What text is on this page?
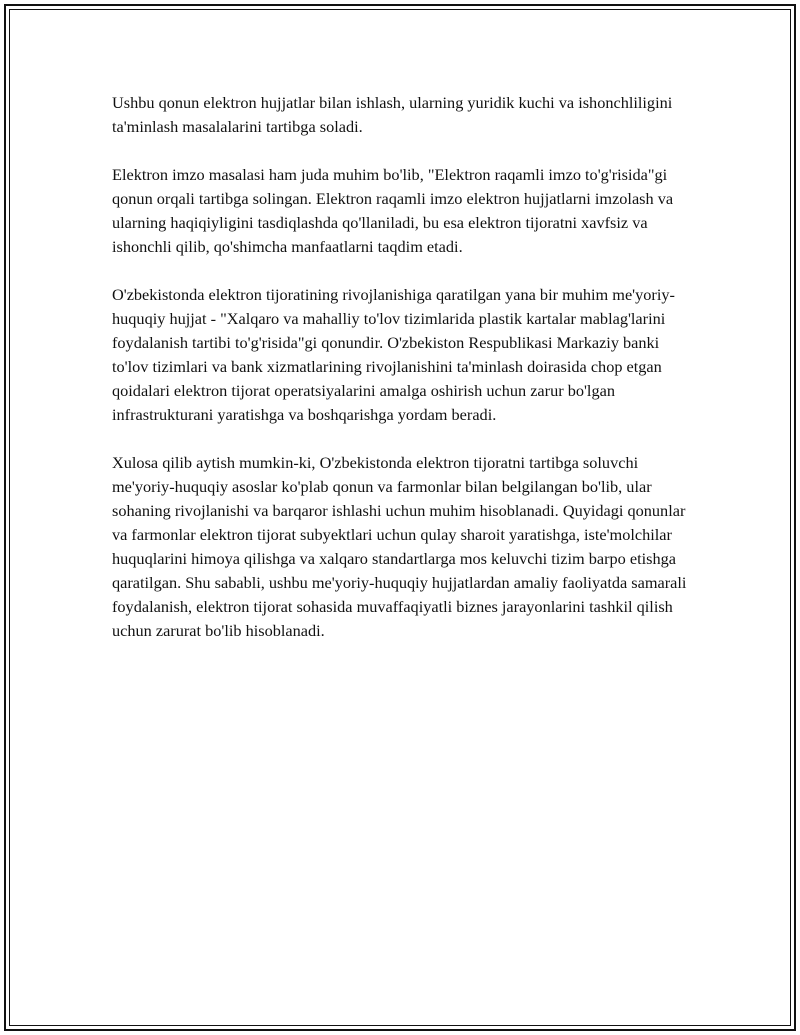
Ushbu qonun elektron hujjatlar bilan ishlash, ularning yuridik kuchi va ishonchliligini ta'minlash masalalarini tartibga soladi.

Elektron imzo masalasi ham juda muhim bo'lib, "Elektron raqamli imzo to'g'risida"gi qonun orqali tartibga solingan. Elektron raqamli imzo elektron hujjatlarni imzolash va ularning haqiqiyligini tasdiqlashda qo'llaniladi, bu esa elektron tijoratni xavfsiz va ishonchli qilib, qo'shimcha manfaatlarni taqdim etadi.

O'zbekistonda elektron tijoratining rivojlanishiga qaratilgan yana bir muhim me'yoriy-huquqiy hujjat - "Xalqaro va mahalliy to'lov tizimlarida plastik kartalar mablag'larini foydalanish tartibi to'g'risida"gi qonundir. O'zbekiston Respublikasi Markaziy banki to'lov tizimlari va bank xizmatlarining rivojlanishini ta'minlash doirasida chop etgan qoidalari elektron tijorat operatsiyalarini amalga oshirish uchun zarur bo'lgan infrastrukturani yaratishga va boshqarishga yordam beradi.

Xulosa qilib aytish mumkin-ki, O'zbekistonda elektron tijoratni tartibga soluvchi me'yoriy-huquqiy asoslar ko'plab qonun va farmonlar bilan belgilangan bo'lib, ular sohaning rivojlanishi va barqaror ishlashi uchun muhim hisoblanadi. Quyidagi qonunlar va farmonlar elektron tijorat subyektlari uchun qulay sharoit yaratishga, iste'molchilar huquqlarini himoya qilishga va xalqaro standartlarga mos keluvchi tizim barpo etishga qaratilgan. Shu sababli, ushbu me'yoriy-huquqiy hujjatlardan amaliy faoliyatda samarali foydalanish, elektron tijorat sohasida muvaffaqiyatli biznes jarayonlarini tashkil qilish uchun zarurat bo'lib hisoblanadi.
